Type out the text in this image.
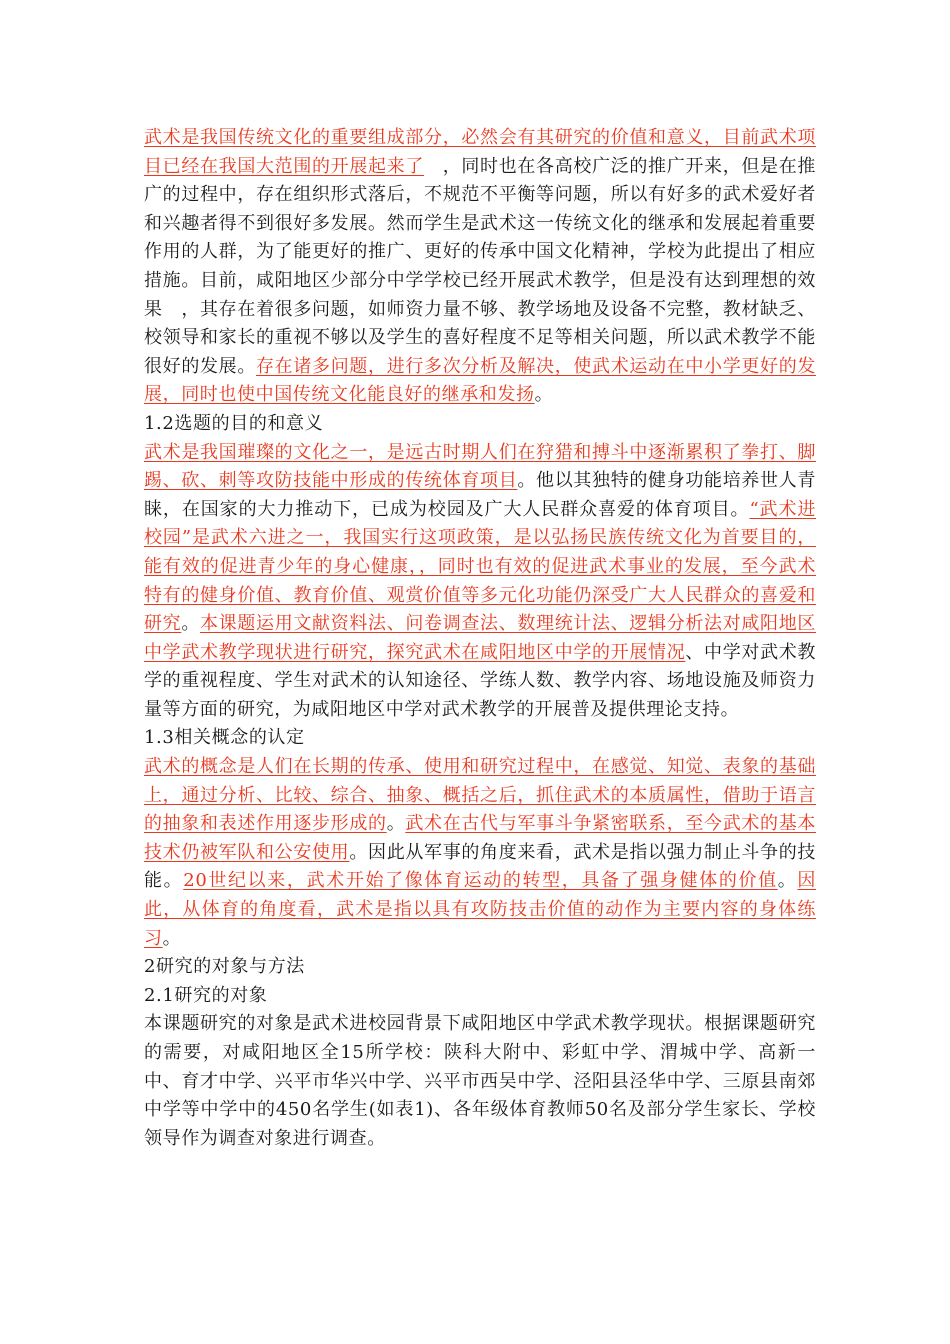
武术是我国传统文化的重要组成部分，必然会有其研究的价值和意义，目前武术项目已经在我国大范围的开展起来了　，同时也在各高校广泛的推广开来，但是在推广的过程中，存在组织形式落后，不规范不平衡等问题，所以有好多的武术爱好者和兴趣者得不到很好多发展。然而学生是武术这一传统文化的继承和发展起着重要作用的人群，为了能更好的推广、更好的传承中国文化精神，学校为此提出了相应措施。目前，咸阳地区少部分中学学校已经开展武术教学，但是没有达到理想的效果　，其存在着很多问题，如师资力量不够、教学场地及设备不完整，教材缺乏、校领导和家长的重视不够以及学生的喜好程度不足等相关问题，所以武术教学不能很好的发展。存在诸多问题，进行多次分析及解决，使武术运动在中小学更好的发展，同时也使中国传统文化能良好的继承和发扬。
1.2选题的目的和意义
武术是我国璀璨的文化之一，是远古时期人们在狩猎和搏斗中逐渐累积了拳打、脚踢、砍、刺等攻防技能中形成的传统体育项目。他以其独特的健身功能培养世人青睐，在国家的大力推动下，已成为校园及广大人民群众喜爱的体育项目。“武术进校园”是武术六进之一，我国实行这项政策，是以弘扬民族传统文化为首要目的，能有效的促进青少年的身心健康，，同时也有效的促进武术事业的发展，至今武术特有的健身价值、教育价值、观赏价值等多元化功能仍深受广大人民群众的喜爱和研究。本课题运用文献资料法、问卷调查法、数理统计法、逻辑分析法对咸阳地区中学武术教学现状进行研究，探究武术在咸阳地区中学的开展情况、中学对武术教学的重视程度、学生对武术的认知途径、学练人数、教学内容、场地设施及师资力量等方面的研究，为咸阳地区中学对武术教学的开展普及提供理论支持。
1.3相关概念的认定
武术的概念是人们在长期的传承、使用和研究过程中，在感觉、知觉、表象的基础上，通过分析、比较、综合、抽象、概括之后，抓住武术的本质属性，借助于语言的抽象和表述作用逐步形成的。武术在古代与军事斗争紧密联系，至今武术的基本技术仍被军队和公安使用。因此从军事的角度来看，武术是指以强力制止斗争的技能。20世纪以来，武术开始了像体育运动的转型，具备了强身健体的价值。因此，从体育的角度看，武术是指以具有攻防技击价值的动作为主要内容的身体练习。
2研究的对象与方法
2.1研究的对象
本课题研究的对象是武术进校园背景下咸阳地区中学武术教学现状。根据课题研究的需要，对咸阳地区全15所学校：陕科大附中、彩虹中学、渭城中学、高新一中、育才中学、兴平市华兴中学、兴平市西吴中学、泾阳县泾华中学、三原县南郊中学等中学中的450名学生(如表1)、各年级体育教师50名及部分学生家长、学校领导作为调查对象进行调查。
